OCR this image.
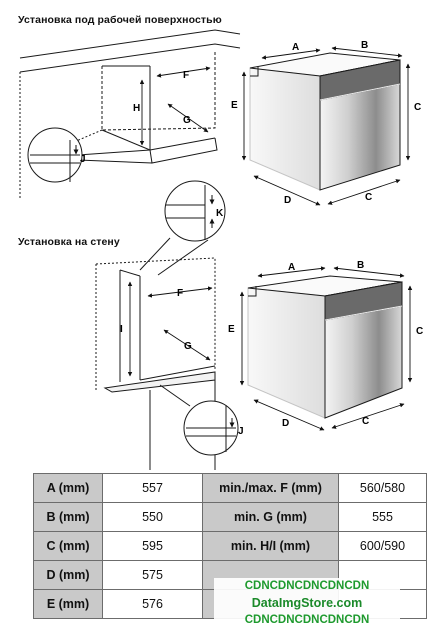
Установка под рабочей поверхностью
Установка на стену
F
H
G
J
A	B
E	C
D	C
K
F
I
G
J
A	B
E	C
D	C
A (mm)	557	min./max. F (mm)	560/580
B (mm)	550	min. G (mm)	555
C (mm)	595	min. H/I (mm)	600/590
D (mm)	575		
E (mm)	576		
CDNCDNCDNCDNCDN
DataImgStore.com
CDNCDNCDNCDNCDN
